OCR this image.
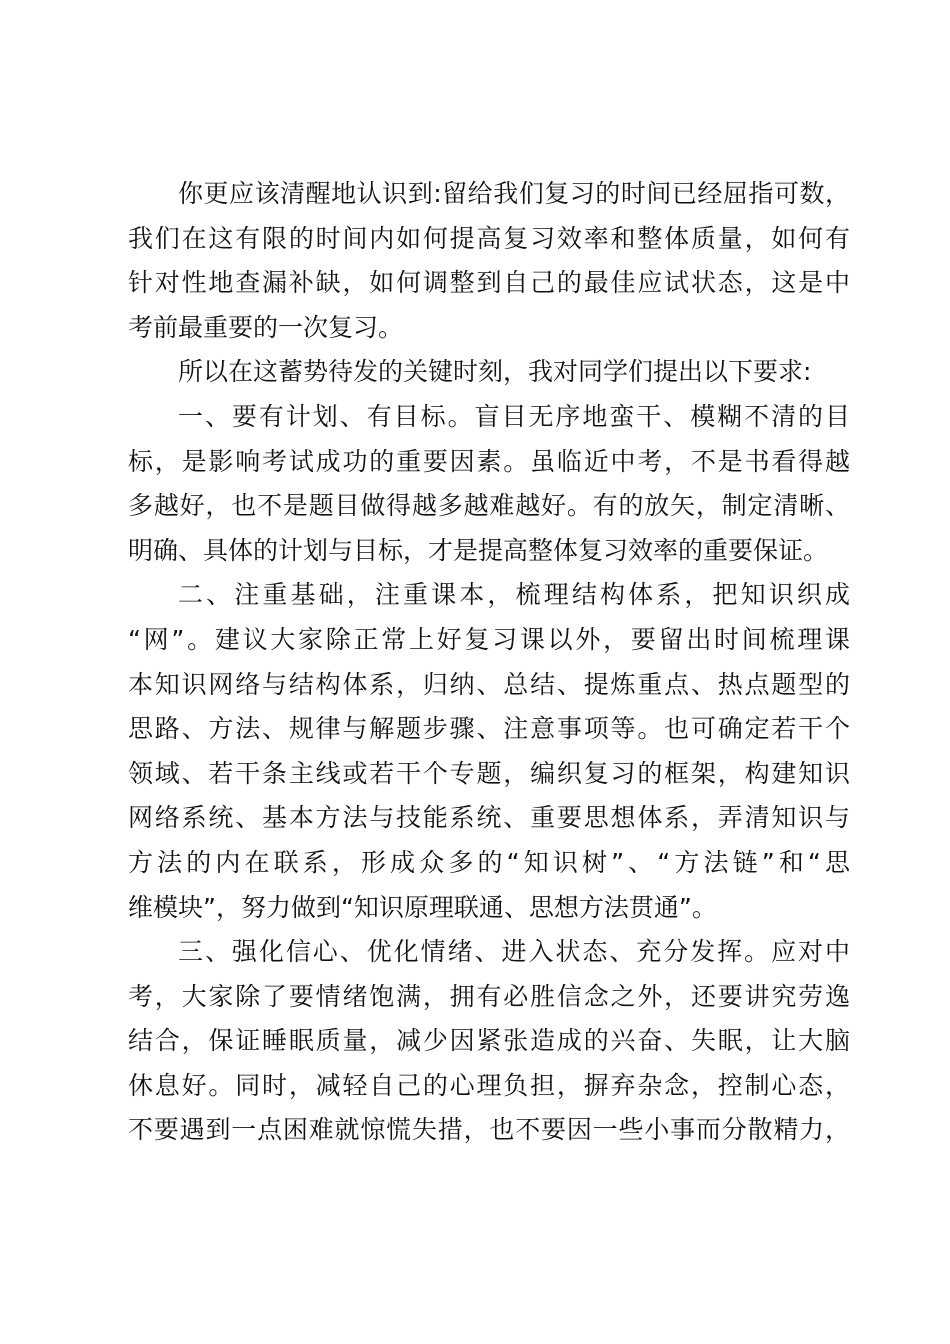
你更应该清醒地认识到:留给我们复习的时间已经屈指可数，
我们在这有限的时间内如何提高复习效率和整体质量，如何有
针对性地查漏补缺，如何调整到自己的最佳应试状态，这是中
考前最重要的一次复习。
所以在这蓄势待发的关键时刻，我对同学们提出以下要求:
一、要有计划、有目标。盲目无序地蛮干、模糊不清的目
标，是影响考试成功的重要因素。虽临近中考，不是书看得越
多越好，也不是题目做得越多越难越好。有的放矢，制定清晰、
明确、具体的计划与目标，才是提高整体复习效率的重要保证。
二、注重基础，注重课本，梳理结构体系，把知识织成
“网”。建议大家除正常上好复习课以外，要留出时间梳理课
本知识网络与结构体系，归纳、总结、提炼重点、热点题型的
思路、方法、规律与解题步骤、注意事项等。也可确定若干个
领域、若干条主线或若干个专题，编织复习的框架，构建知识
网络系统、基本方法与技能系统、重要思想体系，弄清知识与
方法的内在联系，形成众多的“知识树”、“方法链”和“思
维模块”，努力做到“知识原理联通、思想方法贯通”。
三、强化信心、优化情绪、进入状态、充分发挥。应对中
考，大家除了要情绪饱满，拥有必胜信念之外，还要讲究劳逸
结合，保证睡眠质量，减少因紧张造成的兴奋、失眠，让大脑
休息好。同时，减轻自己的心理负担，摒弃杂念，控制心态，
不要遇到一点困难就惊慌失措，也不要因一些小事而分散精力，
